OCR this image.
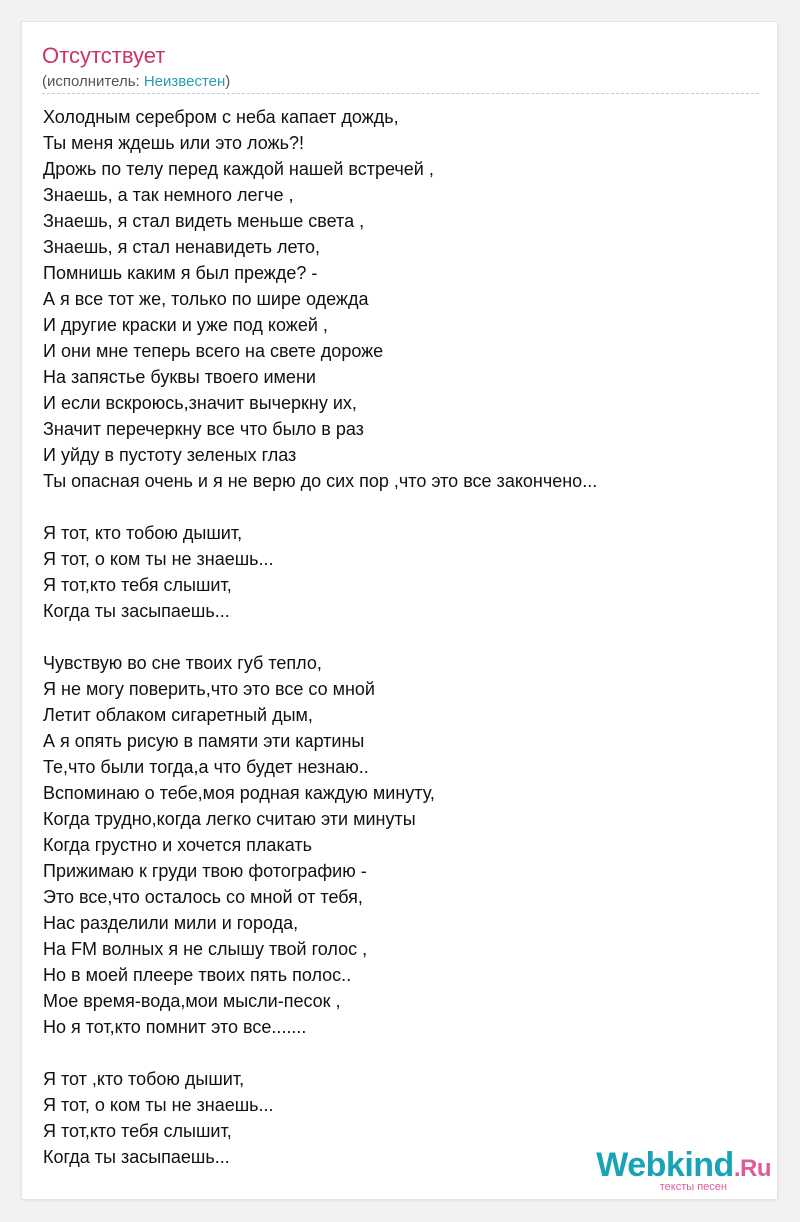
Отсутствует
(исполнитель: Неизвестен)
Холодным серебром с неба капает дождь,
Ты меня ждешь или это ложь?!
Дрожь по телу перед каждой нашей встречей ,
Знаешь, а так немного легче ,
Знаешь, я стал видеть меньше света ,
Знаешь, я стал ненавидеть лето,
Помнишь каким я был прежде? -
А я все тот же, только по шире одежда
И другие краски и уже под кожей ,
И они мне теперь всего на свете дороже
На запястье буквы твоего имени
И если вскроюсь,значит вычеркну их,
Значит перечеркну все что было в раз
И уйду в пустоту зеленых глаз
Ты опасная очень и я не верю до сих пор ,что это все закончено...
Я тот, кто тобою дышит,
Я тот, о ком ты не знаешь...
Я тот,кто тебя слышит,
Когда ты засыпаешь...
Чувствую во сне твоих губ тепло,
Я не могу поверить,что это все со мной
Летит облаком сигаретный дым,
А я опять рисую в памяти эти картины
Те,что были тогда,а что будет незнаю..
Вспоминаю о тебе,моя родная каждую минуту,
Когда трудно,когда легко считаю эти минуты
Когда грустно и хочется плакать
Прижимаю к груди твою фотографию -
Это все,что осталось со мной от тебя,
Нас разделили мили и города,
На FM волных я не слышу твой голос ,
Но в моей плеере твоих пять полос..
Мое время-вода,мои мысли-песок ,
Но я тот,кто помнит это все.......
Я тот ,кто тобою дышит,
Я тот, о ком ты не знаешь...
Я тот,кто тебя слышит,
Когда ты засыпаешь...	Webkind.Ru
тексты песен
